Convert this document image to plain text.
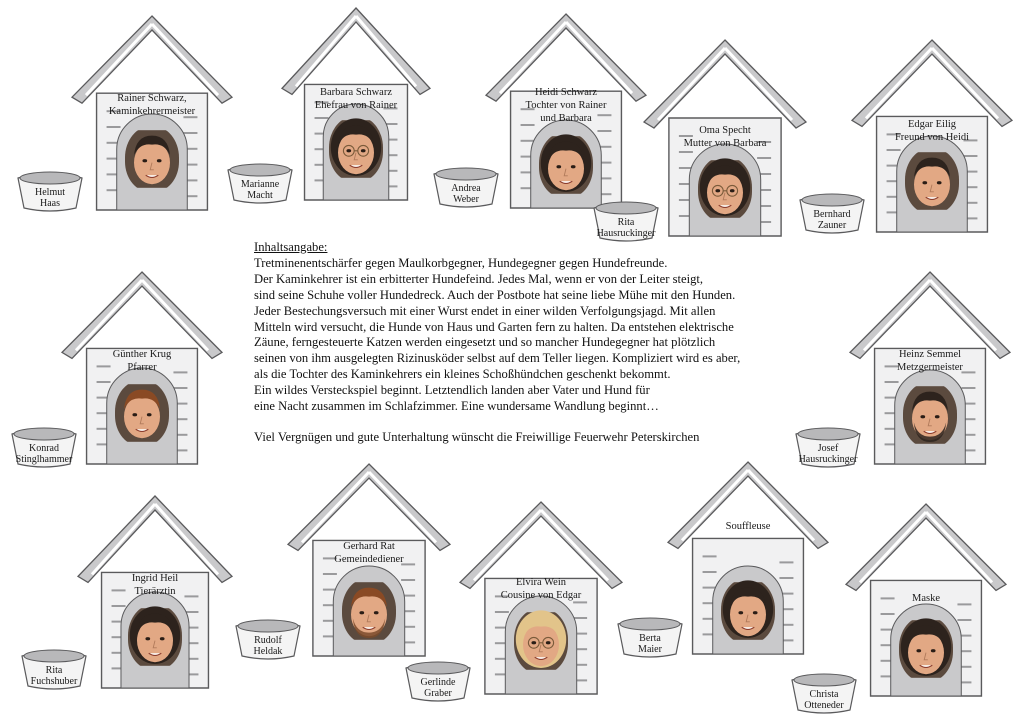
Rainer Schwarz,
Kaminkehrermeister
Helmut
Haas
Barbara Schwarz
Ehefrau von Rainer
Marianne
Macht
Heidi Schwarz
Tochter von Rainer
und Barbara
Andrea
Weber
Oma Specht
Mutter von Barbara
Rita
Hausruckinger
Edgar Eilig
Freund von Heidi
Bernhard
Zauner
Günther Krug
Pfarrer
Konrad
Stinglhammer
Heinz Semmel
Metzgermeister
Josef
Hausruckinger
Ingrid Heil
Tierärztin
Rita
Fuchshuber
Gerhard Rat
Gemeindediener
Rudolf
Heldak
Elvira Wein
Cousine von Edgar
Gerlinde
Graber
Souffleuse
Berta
Maier
Maske
Christa
Otteneder
Inhaltsangabe:
Tretminenentschärfer gegen Maulkorbgegner, Hundegegner gegen Hundefreunde.
Der Kaminkehrer ist ein erbitterter Hundefeind. Jedes Mal, wenn er von der Leiter steigt,
sind seine Schuhe voller Hundedreck. Auch der Postbote hat seine liebe Mühe mit den Hunden.
Jeder Bestechungsversuch mit einer Wurst endet in einer wilden Verfolgungsjagd. Mit allen
Mitteln wird versucht, die Hunde von Haus und Garten fern zu halten. Da entstehen elektrische
Zäune, ferngesteuerte Katzen werden eingesetzt und so mancher Hundegegner hat plötzlich
seinen von ihm ausgelegten Rizinusköder selbst auf dem Teller liegen. Kompliziert wird es aber,
als die Tochter des Kaminkehrers ein kleines Schoßhündchen geschenkt bekommt.
Ein wildes Versteckspiel beginnt. Letztendlich landen aber Vater und Hund für
eine Nacht zusammen im Schlafzimmer. Eine wundersame Wandlung beginnt…
Viel Vergnügen und gute Unterhaltung wünscht die Freiwillige Feuerwehr Peterskirchen
